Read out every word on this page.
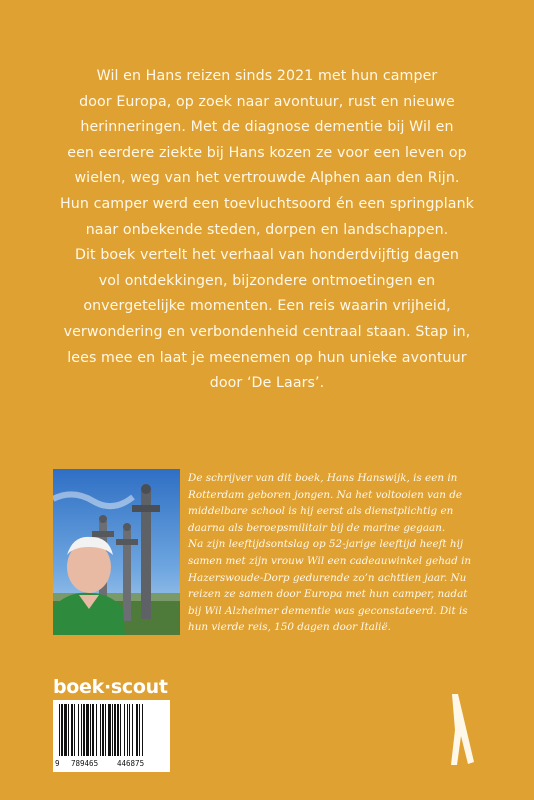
Wil en Hans reizen sinds 2021 met hun camper
door Europa, op zoek naar avontuur, rust en nieuwe
herinneringen. Met de diagnose dementie bij Wil en
een eerdere ziekte bij Hans kozen ze voor een leven op
wielen, weg van het vertrouwde Alphen aan den Rijn.
Hun camper werd een toevluchtsoord én een springplank
naar onbekende steden, dorpen en landschappen.
Dit boek vertelt het verhaal van honderdvijftig dagen
vol ontdekkingen, bijzondere ontmoetingen en
onvergetelijke momenten. Een reis waarin vrijheid,
verwondering en verbondenheid centraal staan. Stap in,
lees mee en laat je meenemen op hun unieke avontuur
door ‘De Laars’.
De schrijver van dit boek, Hans Hanswijk, is een in
Rotterdam geboren jongen. Na het voltooien van de
middelbare school is hij eerst als dienstplichtig en
daarna als beroepsmilitair bij de marine gegaan.
Na zijn leeftijdsontslag op 52-jarige leeftijd heeft hij
samen met zijn vrouw Wil een cadeauwinkel gehad in
Hazerswoude-Dorp gedurende zo’n achttien jaar. Nu
reizen ze samen door Europa met hun camper, nadat
bij Wil Alzheimer dementie was geconstateerd. Dit is
hun vierde reis, 150 dagen door Italië.
boek·scout
9 789465	446875
